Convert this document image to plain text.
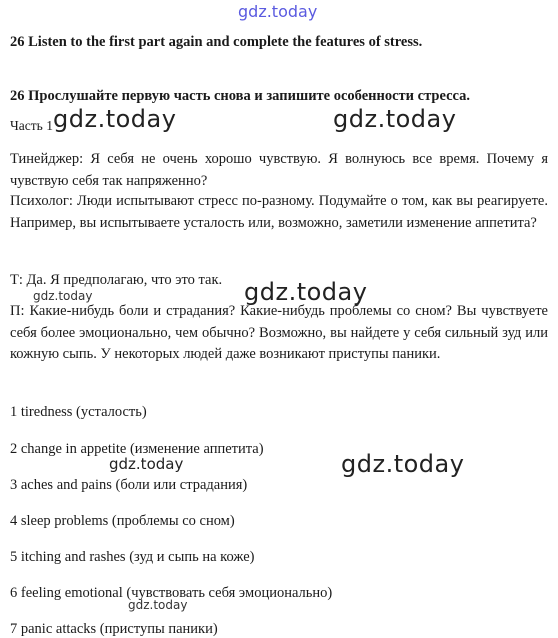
gdz.today
26 Listen to the first part again and complete the features of stress.
26 Прослушайте первую часть снова и запишите особенности стресса.
Часть 1 gdz.today	gdz.today
Тинейджер: Я себя не очень хорошо чувствую. Я волнуюсь все время. Почему я чувствую себя так напряженно?
Психолог: Люди испытывают стресс по-разному. Подумайте о том, как вы реагируете. Например, вы испытываете усталость или, возможно, заметили изменение аппетита?
Т: Да. Я предполагаю, что это так.
gdz.today	gdz.today
П: Какие-нибудь боли и страдания? Какие-нибудь проблемы со сном? Вы чувствуете себя более эмоционально, чем обычно? Возможно, вы найдете у себя сильный зуд или кожную сыпь. У некоторых людей даже возникают приступы паники.
1 tiredness (усталость)
2 change in appetite (изменение аппетита)
gdz.today	gdz.today
3 aches and pains (боли или страдания)
4 sleep problems (проблемы со сном)
5 itching and rashes (зуд и сыпь на коже)
6 feeling emotional (чувствовать себя эмоционально)
gdz.today
7 panic attacks (приступы паники)
